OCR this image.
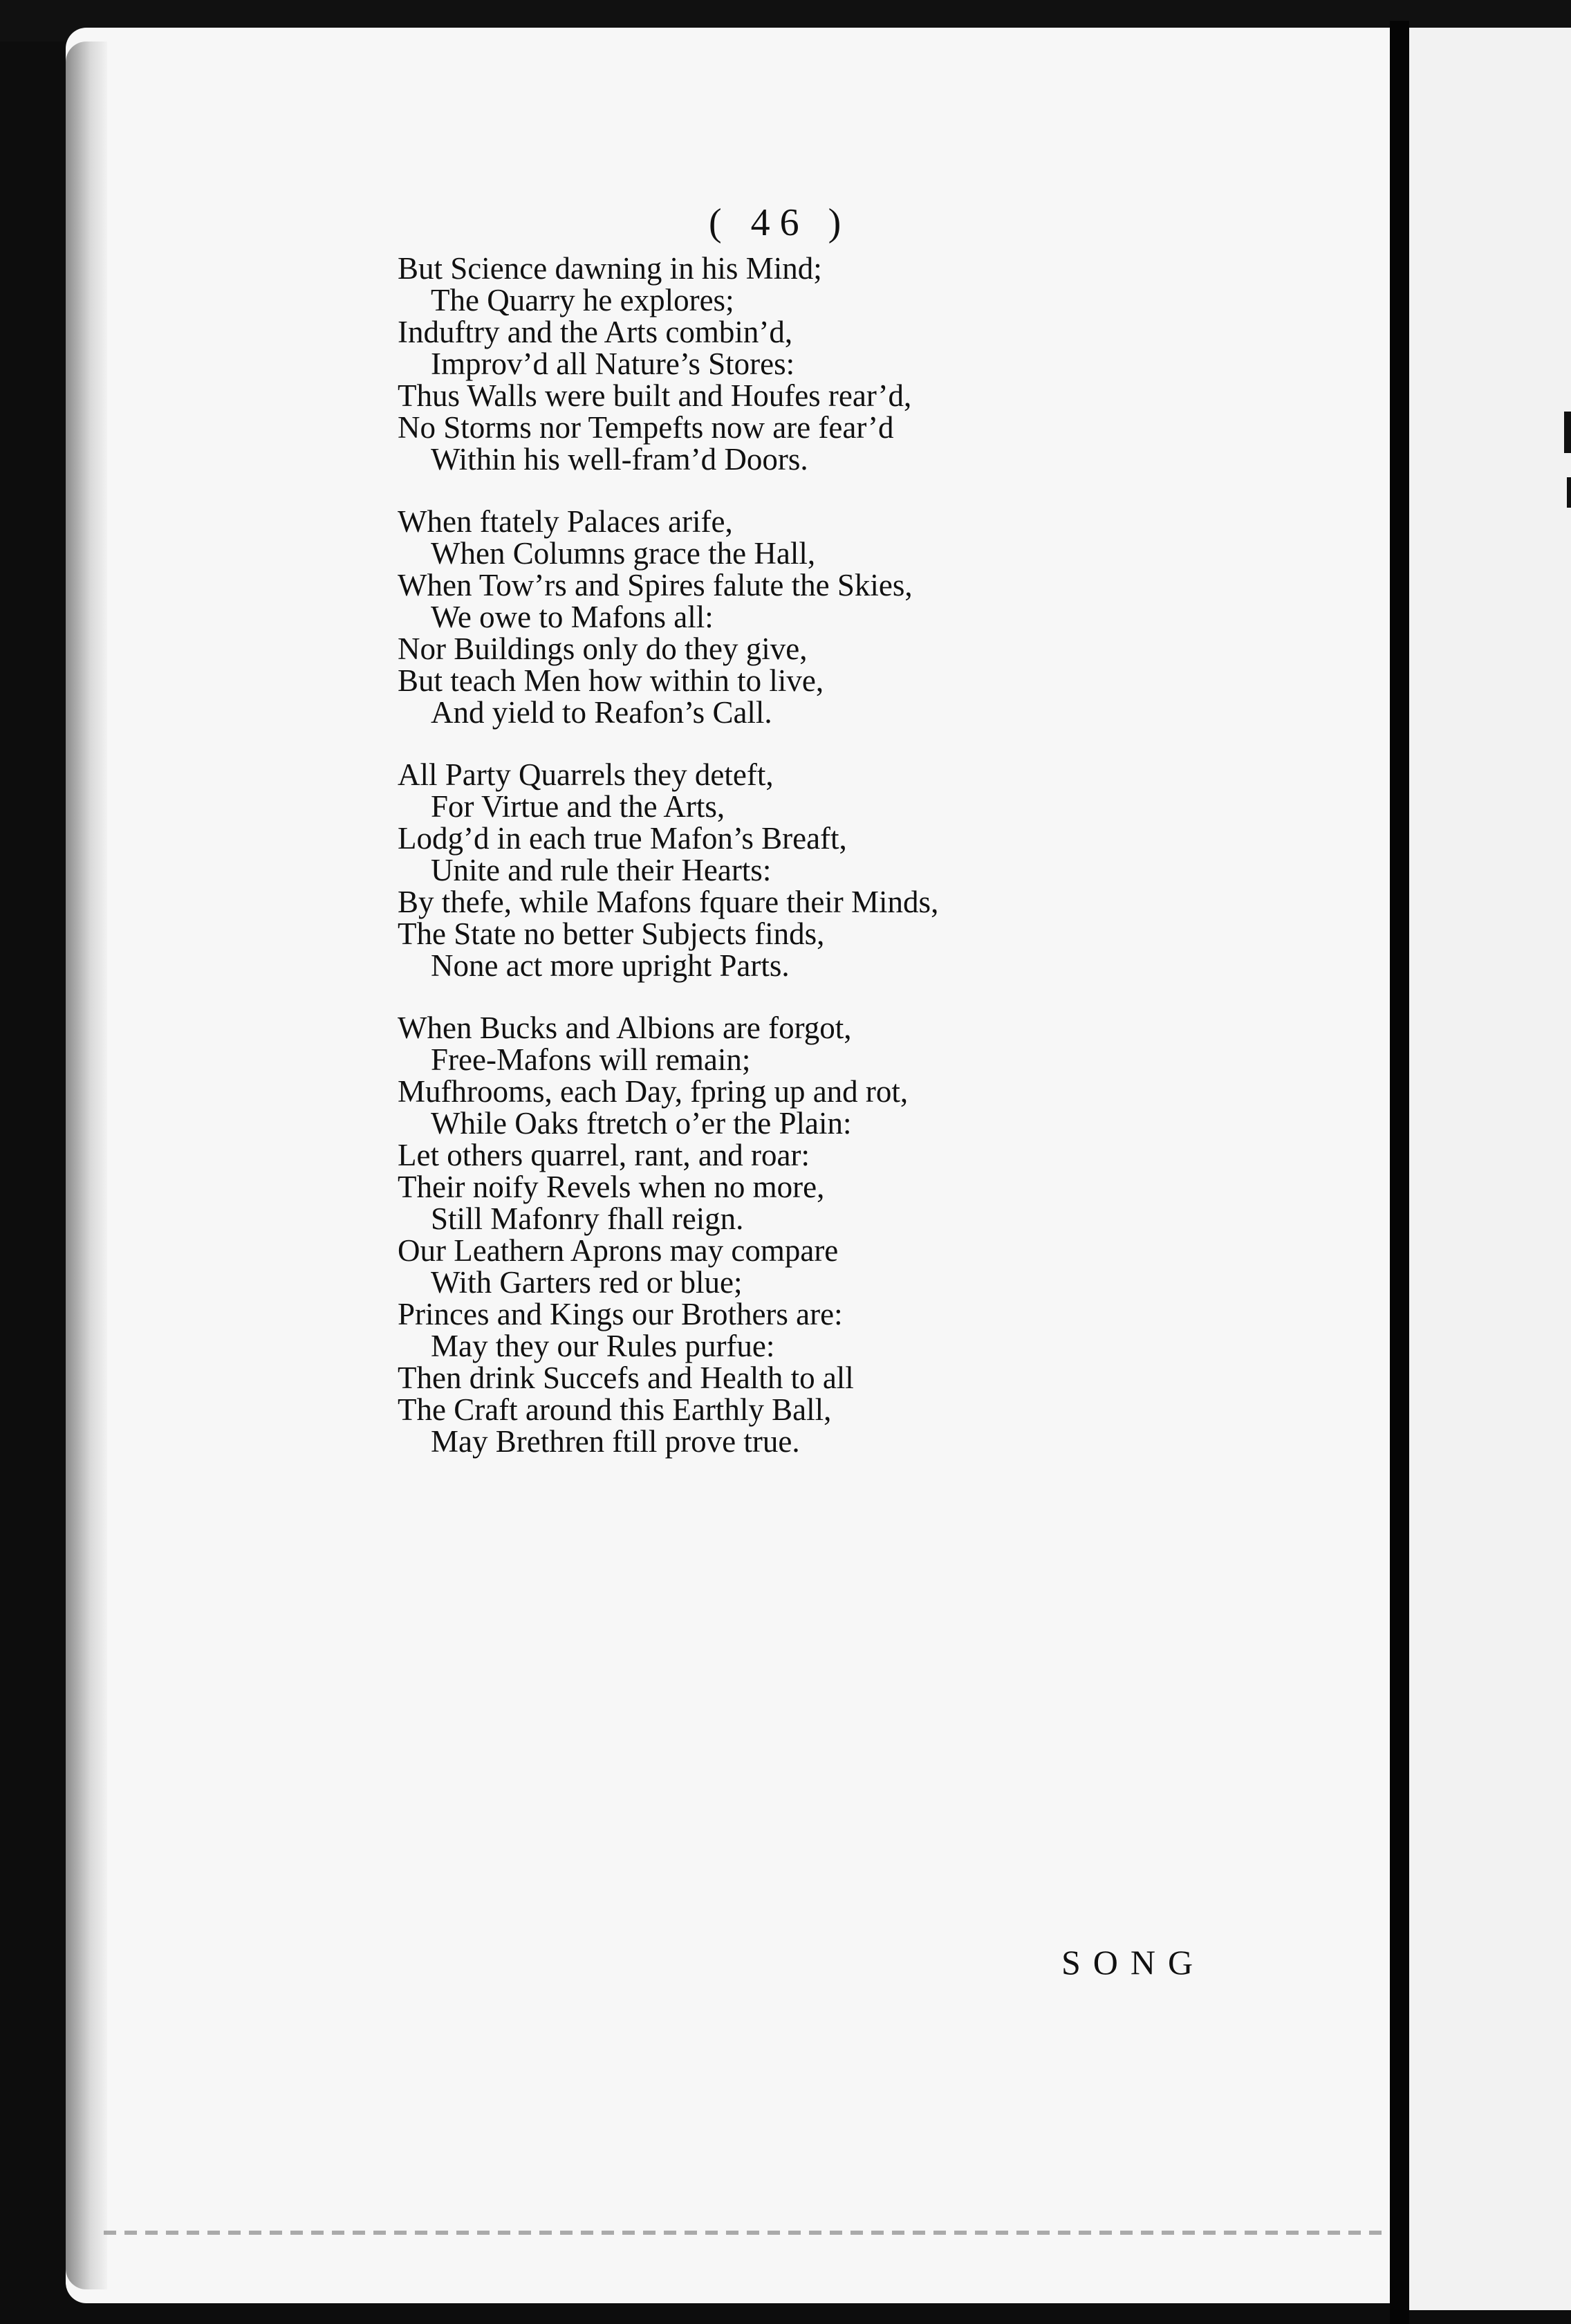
( 46 )
But Science dawning in his Mind;
The Quarry he explores;
Induftry and the Arts combin’d,
Improv’d all Nature’s Stores:
Thus Walls were built and Houfes rear’d,
No Storms nor Tempefts now are fear’d
Within his well-fram’d Doors.
When ftately Palaces arife,
When Columns grace the Hall,
When Tow’rs and Spires falute the Skies,
We owe to Mafons all:
Nor Buildings only do they give,
But teach Men how within to live,
And yield to Reafon’s Call.
All Party Quarrels they deteft,
For Virtue and the Arts,
Lodg’d in each true Mafon’s Breaft,
Unite and rule their Hearts:
By thefe, while Mafons fquare their Minds,
The State no better Subjects finds,
None act more upright Parts.
When Bucks and Albions are forgot,
Free-Mafons will remain;
Mufhrooms, each Day, fpring up and rot,
While Oaks ftretch o’er the Plain:
Let others quarrel, rant, and roar:
Their noify Revels when no more,
Still Mafonry fhall reign.
Our Leathern Aprons may compare
With Garters red or blue;
Princes and Kings our Brothers are:
May they our Rules purfue:
Then drink Succefs and Health to all
The Craft around this Earthly Ball,
May Brethren ftill prove true.
SONG
